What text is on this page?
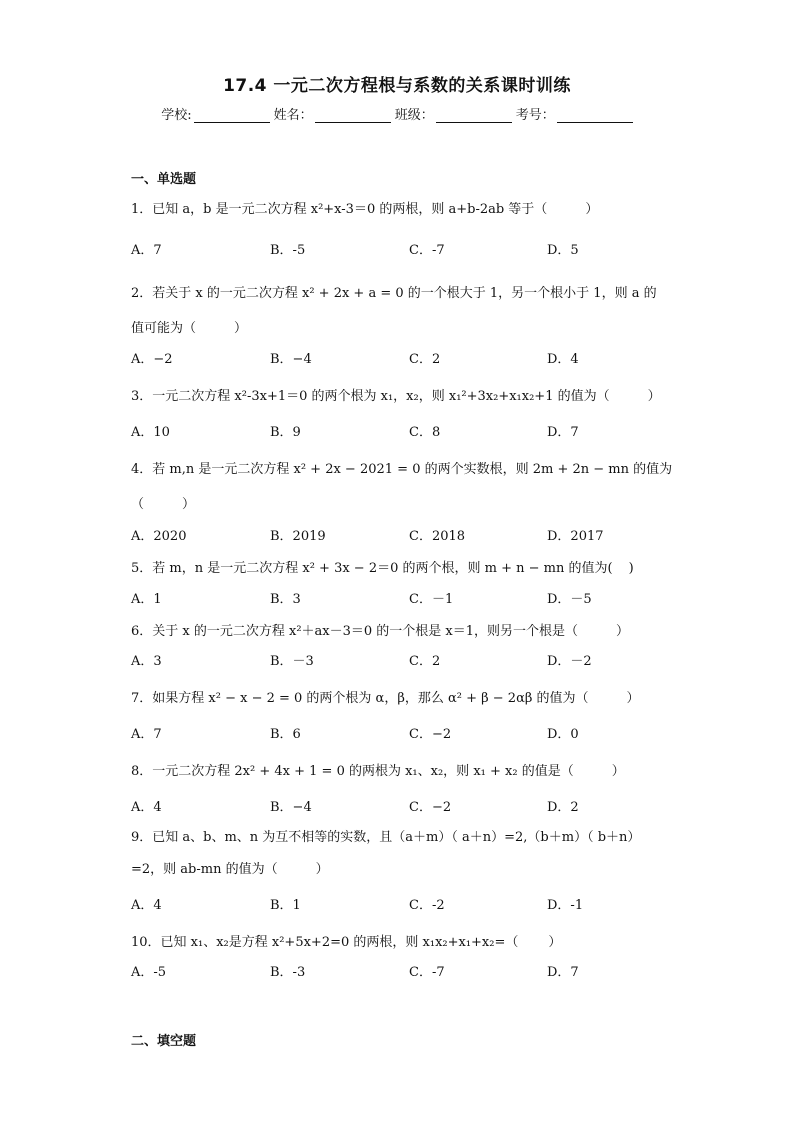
17.4 一元二次方程根与系数的关系课时训练
学校:	姓名：	班级：	考号：
一、单选题
1．已知 a，b 是一元二次方程 x²+x-3＝0 的两根，则 a+b-2ab 等于（	）
A．7	B．-5	C．-7	D．5
2．若关于 x 的一元二次方程 x² + 2x + a = 0 的一个根大于 1，另一个根小于 1，则 a 的
值可能为（	）
A．−2	B．−4	C．2	D．4
3．一元二次方程 x²-3x+1＝0 的两个根为 x₁，x₂，则 x₁²+3x₂+x₁x₂+1 的值为（	）
A．10	B．9	C．8	D．7
4．若 m,n 是一元二次方程 x² + 2x − 2021 = 0 的两个实数根，则 2m + 2n − mn 的值为
（	）
A．2020	B．2019	C．2018	D．2017
5．若 m，n 是一元二次方程 x² + 3x − 2＝0 的两个根，则 m + n − mn 的值为( )
A．1	B．3	C．－1	D．－5
6．关于 x 的一元二次方程 x²＋ax－3＝0 的一个根是 x＝1，则另一个根是（	）
A．3	B．－3	C．2	D．－2
7．如果方程 x² − x − 2 = 0 的两个根为 α，β，那么 α² + β − 2αβ 的值为（	）
A．7	B．6	C．−2	D．0
8．一元二次方程 2x² + 4x + 1 = 0 的两根为 x₁、x₂，则 x₁ + x₂ 的值是（	）
A．4	B．−4	C．−2	D．2
9．已知 a、b、m、n 为互不相等的实数，且（a＋m）（ a＋n）=2,（b＋m）（ b＋n）
=2，则 ab-mn 的值为（	）
A．4	B．1	C．-2	D．-1
10．已知 x₁、x₂是方程 x²+5x+2=0 的两根，则 x₁x₂+x₁+x₂=（ ）
A．-5	B．-3	C．-7	D．7
二、填空题
